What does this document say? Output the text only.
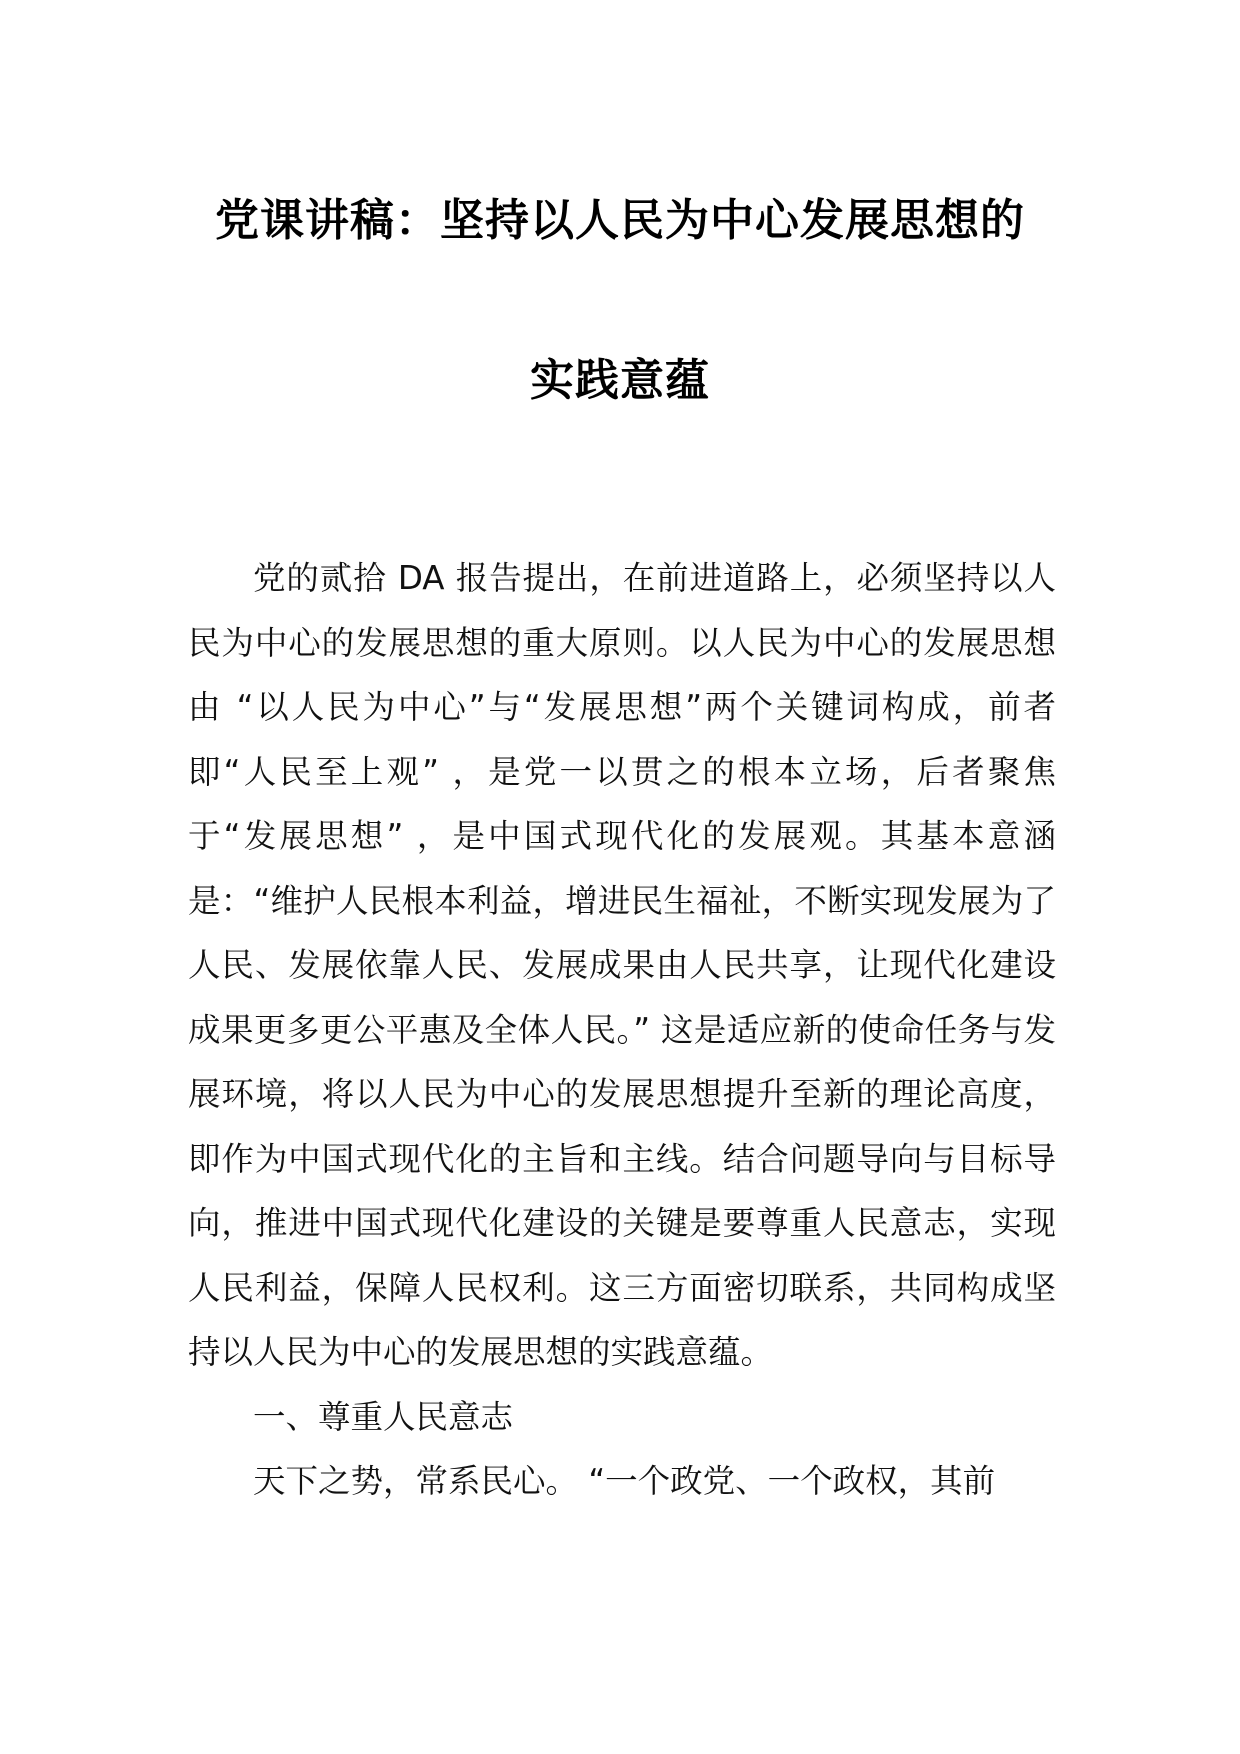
党课讲稿：坚持以人民为中心发展思想的
实践意蕴

党的贰拾 DA 报告提出，在前进道路上，必须坚持以人民为中心的发展思想的重大原则。以人民为中心的发展思想由 “以人民为中心”与“发展思想”两个关键词构成，前者即“人民至上观” ，是党一以贯之的根本立场，后者聚焦于“发展思想” ，是中国式现代化的发展观。其基本意涵是：“维护人民根本利益，增进民生福祉，不断实现发展为了人民、发展依靠人民、发展成果由人民共享，让现代化建设成果更多更公平惠及全体人民。” 这是适应新的使命任务与发展环境，将以人民为中心的发展思想提升至新的理论高度，即作为中国式现代化的主旨和主线。结合问题导向与目标导向，推进中国式现代化建设的关键是要尊重人民意志，实现人民利益，保障人民权利。这三方面密切联系，共同构成坚持以人民为中心的发展思想的实践意蕴。

一、尊重人民意志

天下之势，常系民心。 “一个政党、一个政权，其前
